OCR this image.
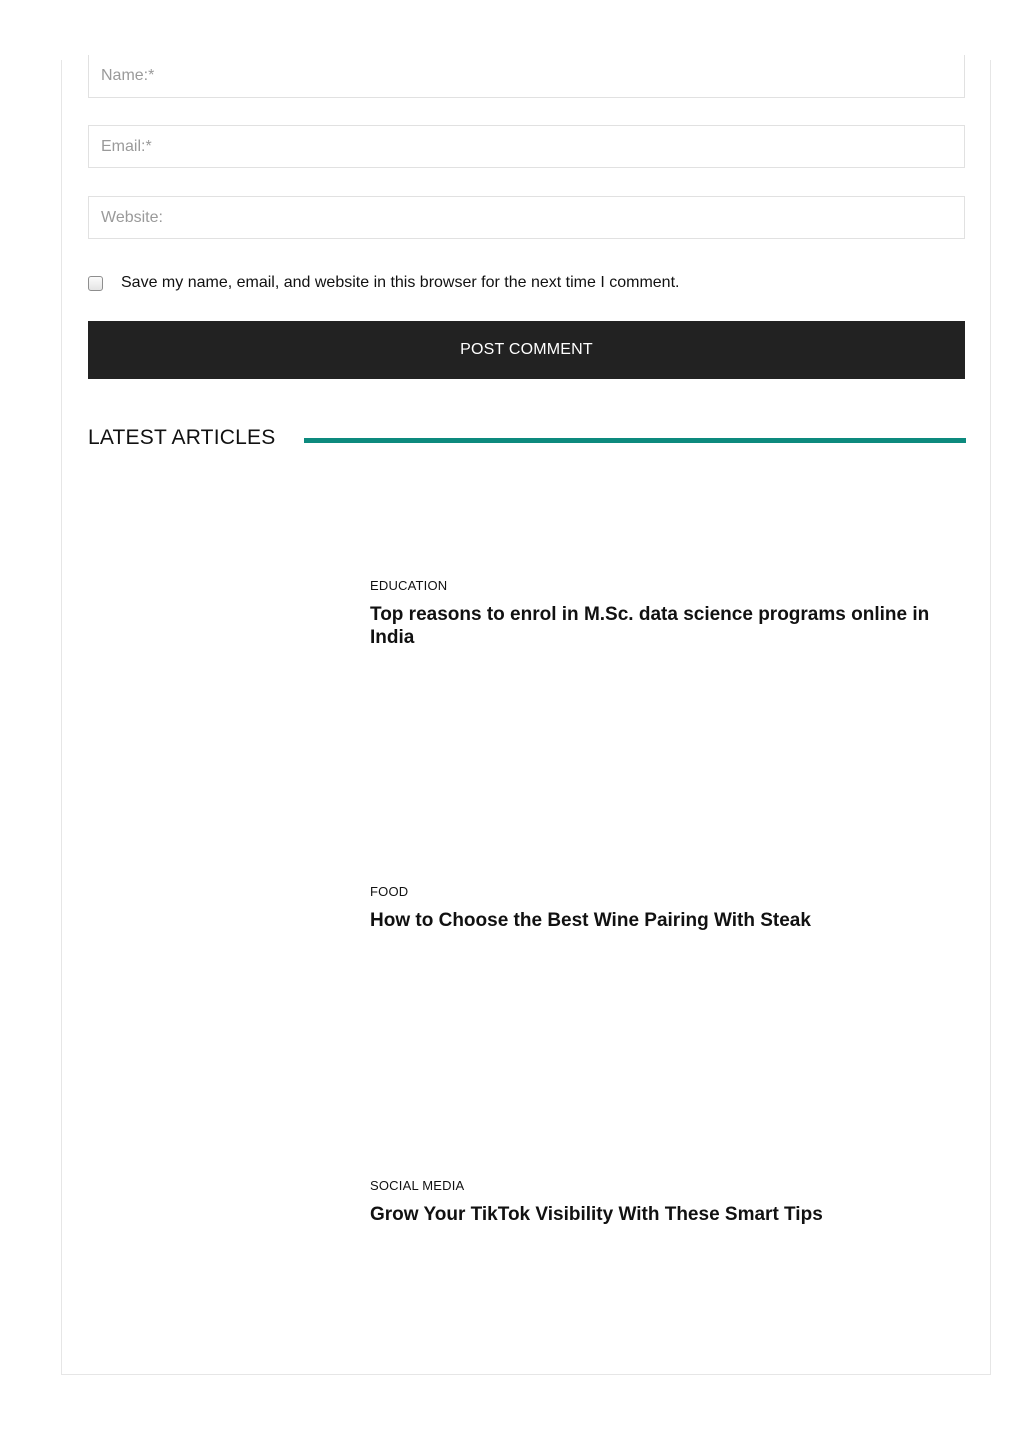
Name:*
Email:*
Website:
Save my name, email, and website in this browser for the next time I comment.
POST COMMENT
LATEST ARTICLES
EDUCATION
Top reasons to enrol in M.Sc. data science programs online in India
FOOD
How to Choose the Best Wine Pairing With Steak
SOCIAL MEDIA
Grow Your TikTok Visibility With These Smart Tips
